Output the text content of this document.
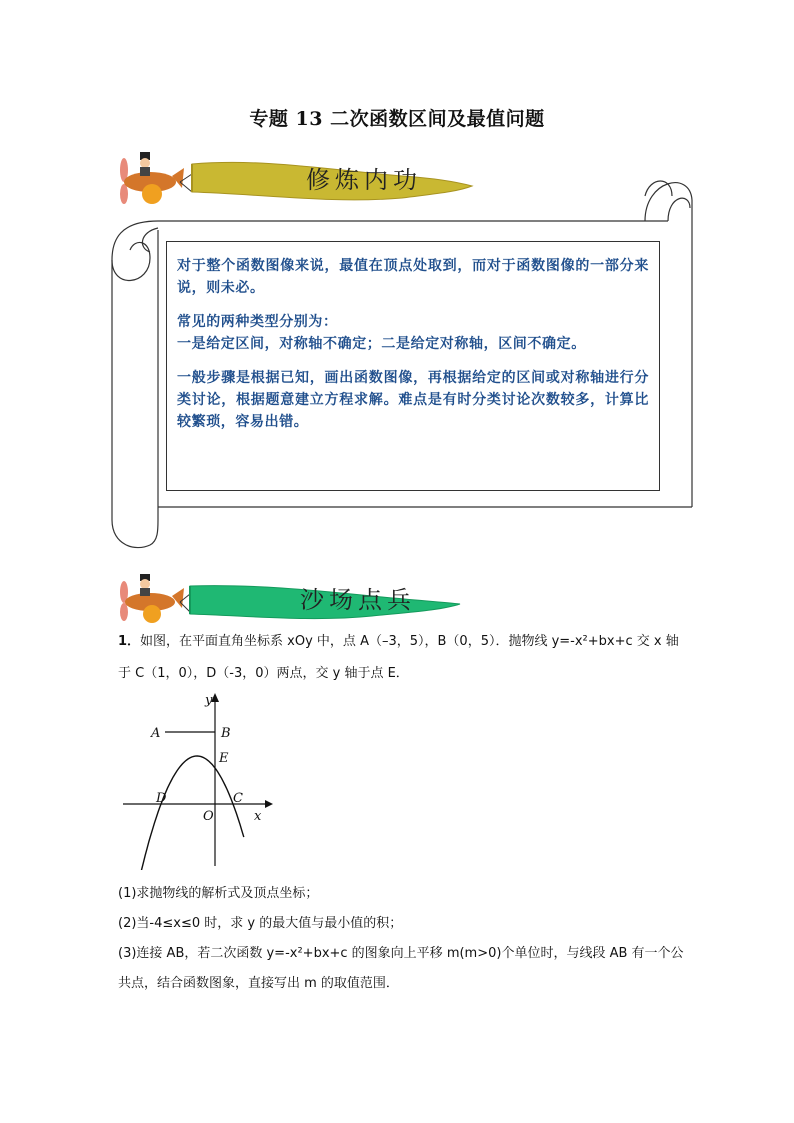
专题 13 二次函数区间及最值问题
修炼内功

对于整个函数图像来说，最值在顶点处取到，而对于函数图像的一部分来说，则未必。

常见的两种类型分别为：

一是给定区间，对称轴不确定；二是给定对称轴，区间不确定。

一般步骤是根据已知，画出函数图像，再根据给定的区间或对称轴进行分类讨论，根据题意建立方程求解。难点是有时分类讨论次数较多，计算比较繁琐，容易出错。

沙场点兵
1．如图，在平面直角坐标系 xOy 中，点 A（–3，5），B（0，5）．抛物线 y=-x²+bx+c 交 x 轴
于 C（1，0），D（-3，0）两点，交 y 轴于点 E．
y
A	B
E
D	C
O	x
(1)求抛物线的解析式及顶点坐标；
(2)当-4≤x≤0 时，求 y 的最大值与最小值的积；
(3)连接 AB，若二次函数 y=-x²+bx+c 的图象向上平移 m(m>0)个单位时，与线段 AB 有一个公
共点，结合函数图象，直接写出 m 的取值范围．
